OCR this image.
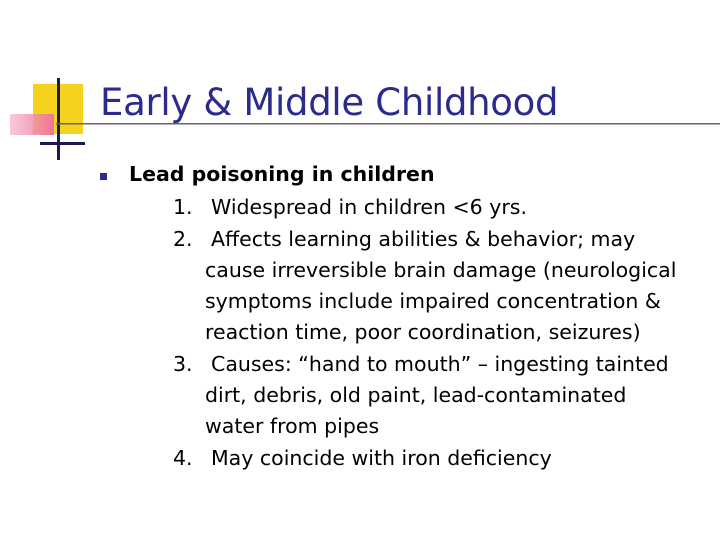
Early & Middle Childhood
Lead poisoning in children
1. Widespread in children <6 yrs.
2. Affects learning abilities & behavior; may
cause irreversible brain damage (neurological
symptoms include impaired concentration &
reaction time, poor coordination, seizures)
3. Causes: “hand to mouth” – ingesting tainted
dirt, debris, old paint, lead-contaminated
water from pipes
4. May coincide with iron deficiency
